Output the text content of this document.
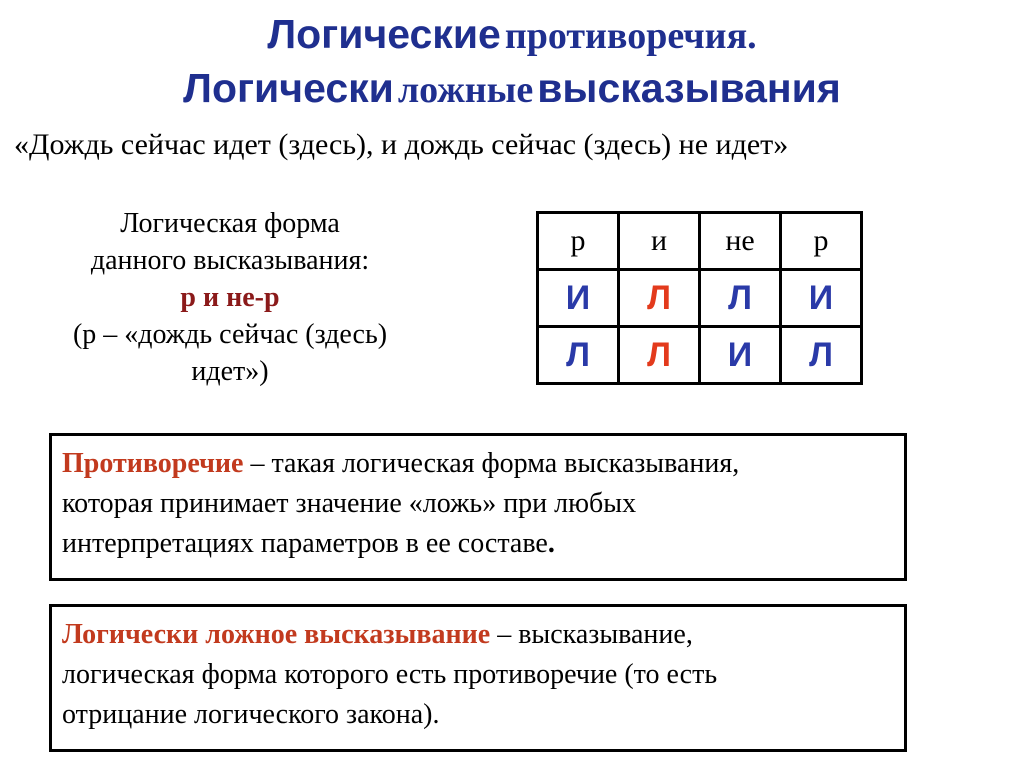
Логические противоречия.
Логически ложные высказывания
«Дождь сейчас идет (здесь), и дождь сейчас (здесь) не идет»
Логическая форма
данного высказывания:
p и не-p
(p – «дождь сейчас (здесь)
идет»)
p	и	не	p
И	Л	Л	И
Л	Л	И	Л
Противоречие – такая логическая форма высказывания,
которая принимает значение «ложь» при любых
интерпретациях параметров в ее составе.
Логически ложное высказывание – высказывание,
логическая форма которого есть противоречие (то есть
отрицание логического закона).
